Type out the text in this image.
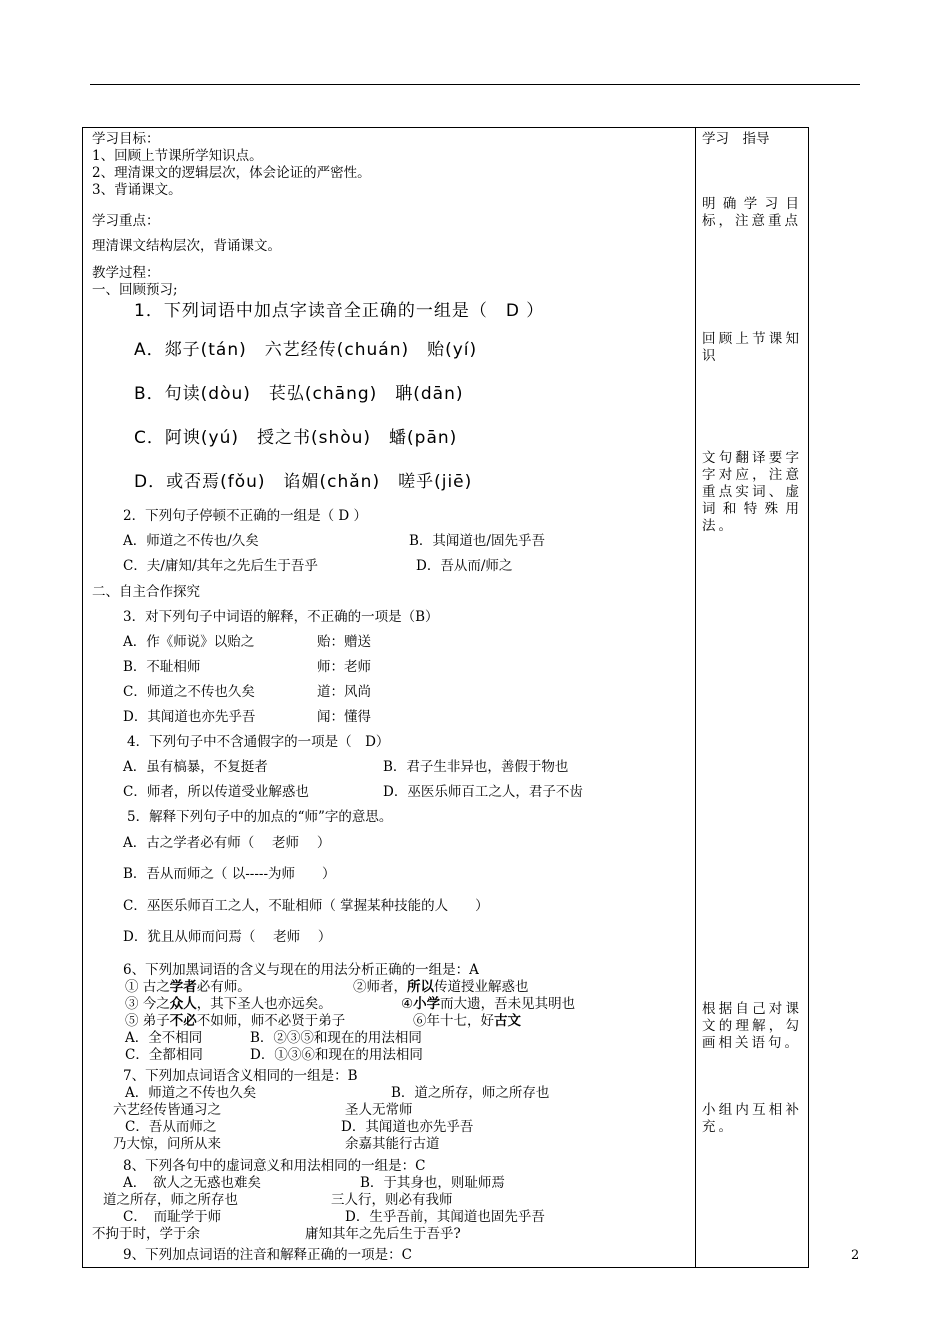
学习目标：
1、回顾上节课所学知识点。
2、理清课文的逻辑层次，体会论证的严密性。
3、背诵课文。
学习重点：
理清课文结构层次，背诵课文。
教学过程：
一、回顾预习;
1．下列词语中加点字读音全正确的一组是（　D ）
A．郯子(tán)　六艺经传(chuán)　贻(yí)
B．句读(dòu)　苌弘(chāng)　聃(dān)
C．阿谀(yú)　授之书(shòu)　蟠(pān)
D．或否焉(fǒu)　谄媚(chǎn)　嗟乎(jiē)
2．下列句子停顿不正确的一组是（ D ）
A．师道之不传也/久矣	B．其闻道也/固先乎吾
C．夫/庸知/其年之先后生于吾乎	D．吾从而/师之
二、自主合作探究
3．对下列句子中词语的解释，不正确的一项是（B）
A．作《师说》以贻之	贻：赠送
B．不耻相师	师：老师
C．师道之不传也久矣	道：风尚
D．其闻道也亦先乎吾	闻：懂得
4．下列句子中不含通假字的一项是（　D）
A．虽有槁暴，不复挺者	B．君子生非异也，善假于物也
C．师者，所以传道受业解惑也	D．巫医乐师百工之人，君子不齿
5．解释下列句子中的加点的“师”字的意思。
A．古之学者必有师（　 老师　 ）
B．吾从而师之（ 以-----为师　　）
C．巫医乐师百工之人，不耻相师（ 掌握某种技能的人　　）
D．犹且从师而问焉（　 老师　 ）
6、下列加黑词语的含义与现在的用法分析正确的一组是：A
① 古之学者必有师。	②师者，所以传道授业解惑也
③ 今之众人，其下圣人也亦远矣。	④小学而大遗，吾未见其明也
⑤ 弟子不必不如师，师不必贤于弟子	⑥年十七，好古文
A．全不相同	B．②③⑤和现在的用法相同
C．全都相同	D．①③⑥和现在的用法相同
7、下列加点词语含义相同的一组是：B
A．师道之不传也久矣	B．道之所存，师之所存也
六艺经传皆通习之	圣人无常师
C．吾从而师之	D．其闻道也亦先乎吾
乃大惊，问所从来	余嘉其能行古道
8、下列各句中的虚词意义和用法相同的一组是：C
A．　欲人之无惑也难矣	B．于其身也，则耻师焉
道之所存，师之所存也	三人行，则必有我师
C．　而耻学于师	D．生乎吾前，其闻道也固先乎吾
不拘于时，学于余	庸知其年之先后生于吾乎?
9、下列加点词语的注音和解释正确的一项是：C
学习　指导
明确学习目标，注意重点
回顾上节课知识
文句翻译要字字对应，注意重点实词、虚词和特殊用法。
根据自己对课文的理解，勾画相关语句。
小组内互相补充。
2
